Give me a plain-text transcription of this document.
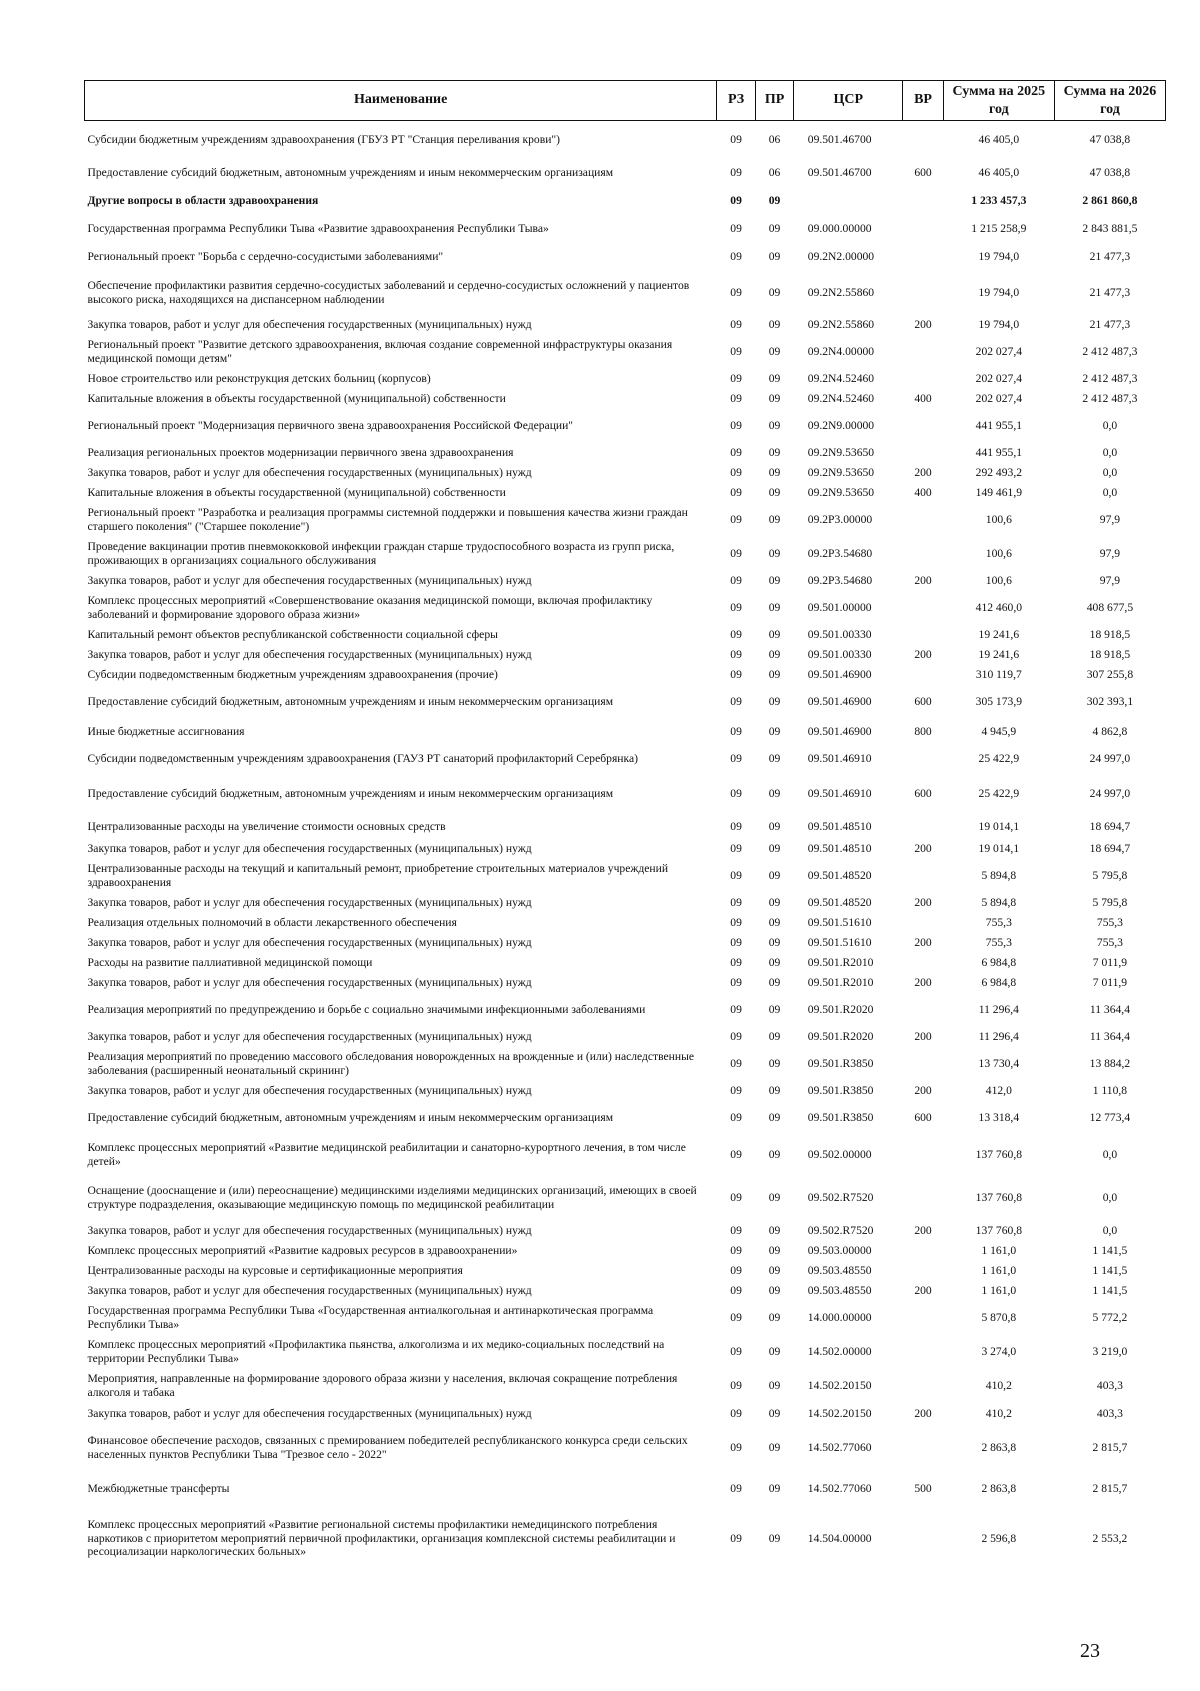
Наименование	РЗ	ПР	ЦСР	ВР	Сумма на 2025 год	Сумма на 2026 год
Субсидии бюджетным учреждениям здравоохранения (ГБУЗ РТ "Станция переливания крови")	09	06	09.501.46700		46 405,0	47 038,8
Предоставление субсидий бюджетным, автономным учреждениям и иным некоммерческим организациям	09	06	09.501.46700	600	46 405,0	47 038,8
Другие вопросы в области здравоохранения	09	09			1 233 457,3	2 861 860,8
Государственная программа Республики Тыва «Развитие здравоохранения Республики Тыва»	09	09	09.000.00000		1 215 258,9	2 843 881,5
Региональный проект "Борьба с сердечно-сосудистыми заболеваниями"	09	09	09.2N2.00000		19 794,0	21 477,3
Обеспечение профилактики развития сердечно-сосудистых заболеваний и сердечно-сосудистых осложнений у пациентов высокого риска, находящихся на диспансерном наблюдении	09	09	09.2N2.55860		19 794,0	21 477,3
Закупка товаров, работ и услуг для обеспечения государственных (муниципальных) нужд	09	09	09.2N2.55860	200	19 794,0	21 477,3
Региональный проект "Развитие детского здравоохранения, включая создание современной инфраструктуры оказания медицинской помощи детям"	09	09	09.2N4.00000		202 027,4	2 412 487,3
Новое строительство или реконструкция детских больниц (корпусов)	09	09	09.2N4.52460		202 027,4	2 412 487,3
Капитальные вложения в объекты государственной (муниципальной) собственности	09	09	09.2N4.52460	400	202 027,4	2 412 487,3
Региональный проект "Модернизация первичного звена здравоохранения Российской Федерации"	09	09	09.2N9.00000		441 955,1	0,0
Реализация региональных проектов модернизации первичного звена здравоохранения	09	09	09.2N9.53650		441 955,1	0,0
Закупка товаров, работ и услуг для обеспечения государственных (муниципальных) нужд	09	09	09.2N9.53650	200	292 493,2	0,0
Капитальные вложения в объекты государственной (муниципальной) собственности	09	09	09.2N9.53650	400	149 461,9	0,0
Региональный проект "Разработка и реализация программы системной поддержки и повышения качества жизни граждан старшего поколения" ("Старшее поколение")	09	09	09.2P3.00000		100,6	97,9
Проведение вакцинации против пневмококковой инфекции граждан старше трудоспособного возраста из групп риска, проживающих в организациях социального обслуживания	09	09	09.2P3.54680		100,6	97,9
Закупка товаров, работ и услуг для обеспечения государственных (муниципальных) нужд	09	09	09.2P3.54680	200	100,6	97,9
Комплекс процессных мероприятий «Совершенствование оказания медицинской помощи, включая профилактику заболеваний и формирование здорового образа жизни»	09	09	09.501.00000		412 460,0	408 677,5
Капитальный ремонт объектов республиканской собственности социальной сферы	09	09	09.501.00330		19 241,6	18 918,5
Закупка товаров, работ и услуг для обеспечения государственных (муниципальных) нужд	09	09	09.501.00330	200	19 241,6	18 918,5
Субсидии подведомственным бюджетным учреждениям здравоохранения (прочие)	09	09	09.501.46900		310 119,7	307 255,8
Предоставление субсидий бюджетным, автономным учреждениям и иным некоммерческим организациям	09	09	09.501.46900	600	305 173,9	302 393,1
Иные бюджетные ассигнования	09	09	09.501.46900	800	4 945,9	4 862,8
Субсидии подведомственным учреждениям здравоохранения (ГАУЗ РТ санаторий профилакторий Серебрянка)	09	09	09.501.46910		25 422,9	24 997,0
Предоставление субсидий бюджетным, автономным учреждениям и иным некоммерческим организациям	09	09	09.501.46910	600	25 422,9	24 997,0
Централизованные расходы на увеличение стоимости основных средств	09	09	09.501.48510		19 014,1	18 694,7
Закупка товаров, работ и услуг для обеспечения государственных (муниципальных) нужд	09	09	09.501.48510	200	19 014,1	18 694,7
Централизованные расходы на текущий и капитальный ремонт, приобретение строительных материалов учреждений здравоохранения	09	09	09.501.48520		5 894,8	5 795,8
Закупка товаров, работ и услуг для обеспечения государственных (муниципальных) нужд	09	09	09.501.48520	200	5 894,8	5 795,8
Реализация отдельных полномочий в области лекарственного обеспечения	09	09	09.501.51610		755,3	755,3
Закупка товаров, работ и услуг для обеспечения государственных (муниципальных) нужд	09	09	09.501.51610	200	755,3	755,3
Расходы на развитие паллиативной медицинской помощи	09	09	09.501.R2010		6 984,8	7 011,9
Закупка товаров, работ и услуг для обеспечения государственных (муниципальных) нужд	09	09	09.501.R2010	200	6 984,8	7 011,9
Реализация мероприятий по предупреждению и борьбе с социально значимыми инфекционными заболеваниями	09	09	09.501.R2020		11 296,4	11 364,4
Закупка товаров, работ и услуг для обеспечения государственных (муниципальных) нужд	09	09	09.501.R2020	200	11 296,4	11 364,4
Реализация мероприятий по проведению массового обследования новорожденных на врожденные и (или) наследственные заболевания (расширенный неонатальный скрининг)	09	09	09.501.R3850		13 730,4	13 884,2
Закупка товаров, работ и услуг для обеспечения государственных (муниципальных) нужд	09	09	09.501.R3850	200	412,0	1 110,8
Предоставление субсидий бюджетным, автономным учреждениям и иным некоммерческим организациям	09	09	09.501.R3850	600	13 318,4	12 773,4
Комплекс процессных мероприятий «Развитие медицинской реабилитации и санаторно-курортного лечения, в том числе детей»	09	09	09.502.00000		137 760,8	0,0
Оснащение (дооснащение и (или) переоснащение) медицинскими изделиями медицинских организаций, имеющих в своей структуре подразделения, оказывающие медицинскую помощь по медицинской реабилитации	09	09	09.502.R7520		137 760,8	0,0
Закупка товаров, работ и услуг для обеспечения государственных (муниципальных) нужд	09	09	09.502.R7520	200	137 760,8	0,0
Комплекс процессных мероприятий «Развитие кадровых ресурсов в здравоохранении»	09	09	09.503.00000		1 161,0	1 141,5
Централизованные расходы на курсовые и сертификационные мероприятия	09	09	09.503.48550		1 161,0	1 141,5
Закупка товаров, работ и услуг для обеспечения государственных (муниципальных) нужд	09	09	09.503.48550	200	1 161,0	1 141,5
Государственная программа Республики Тыва «Государственная антиалкогольная и антинаркотическая программа Республики Тыва»	09	09	14.000.00000		5 870,8	5 772,2
Комплекс процессных мероприятий «Профилактика пьянства, алкоголизма и их медико-социальных последствий на территории Республики Тыва»	09	09	14.502.00000		3 274,0	3 219,0
Мероприятия, направленные на формирование здорового образа жизни у населения, включая сокращение потребления алкоголя и табака	09	09	14.502.20150		410,2	403,3
Закупка товаров, работ и услуг для обеспечения государственных (муниципальных) нужд	09	09	14.502.20150	200	410,2	403,3
Финансовое обеспечение расходов, связанных с премированием победителей республиканского конкурса среди сельских населенных пунктов Республики Тыва "Трезвое село - 2022"	09	09	14.502.77060		2 863,8	2 815,7
Межбюджетные трансферты	09	09	14.502.77060	500	2 863,8	2 815,7
Комплекс процессных мероприятий «Развитие региональной системы профилактики немедицинского потребления наркотиков с приоритетом мероприятий первичной профилактики, организация комплексной системы реабилитации и ресоциализации наркологических больных»	09	09	14.504.00000		2 596,8	2 553,2
23
